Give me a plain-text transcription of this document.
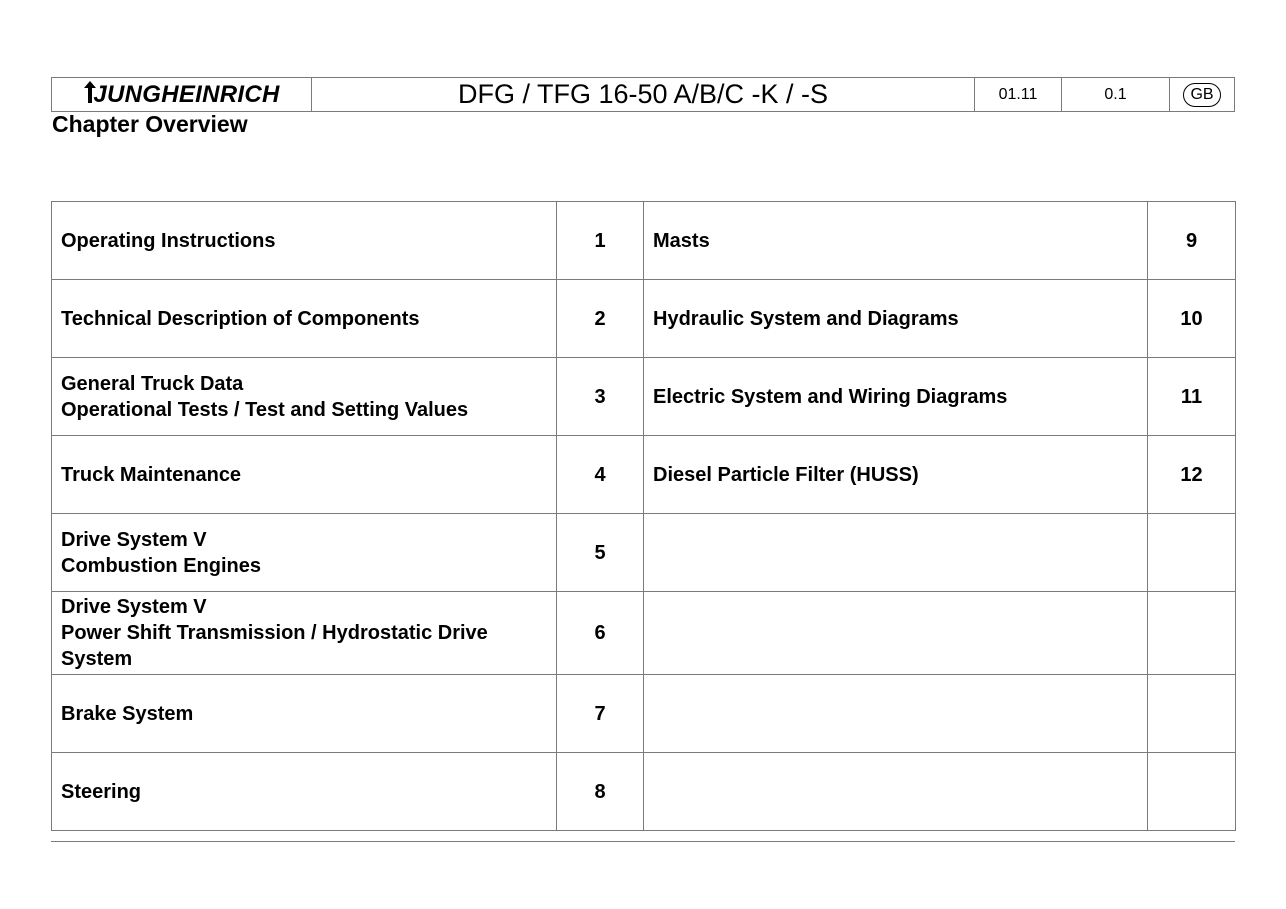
JUNGHEINRICH	DFG / TFG 16-50 A/B/C -K / -S	01.11	0.1	GB
Chapter Overview
Operating Instructions	1	Masts	9

Technical Description of Components	2	Hydraulic System and Diagrams	10

General Truck Data
Operational Tests / Test and Setting Values	3	Electric System and Wiring Diagrams	11

Truck Maintenance	4	Diesel Particle Filter (HUSS)	12

Drive System V
Combustion Engines	5		

Drive System V
Power Shift Transmission / Hydrostatic Drive
System	6		

Brake System	7		

Steering	8		
